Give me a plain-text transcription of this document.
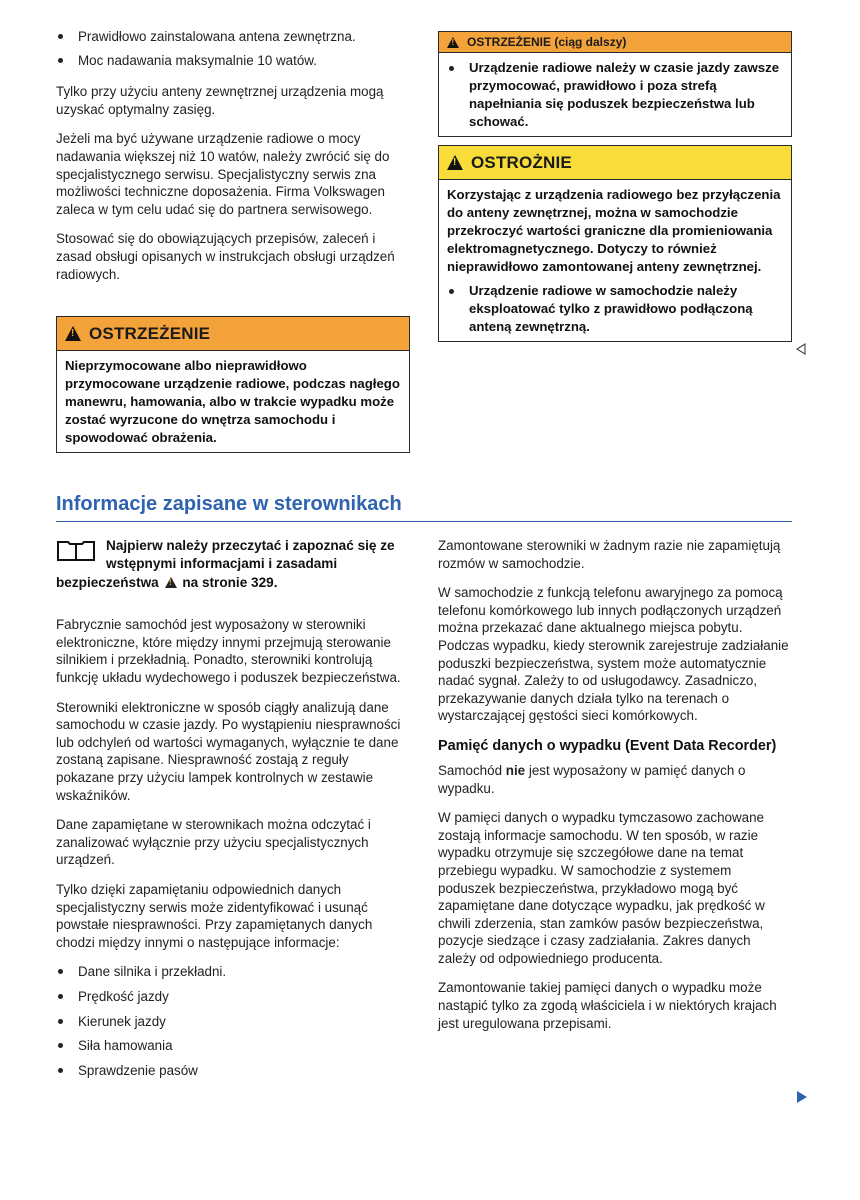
Prawidłowo zainstalowana antena zewnętrzna.
Moc nadawania maksymalnie 10 watów.

Tylko przy użyciu anteny zewnętrznej urządzenia mogą uzyskać optymalny zasięg.

Jeżeli ma być używane urządzenie radiowe o mocy nadawania większej niż 10 watów, należy zwrócić się do specjalistycznego serwisu. Specjalistyczny serwis zna możliwości techniczne doposażenia. Firma Volkswagen zaleca w tym celu udać się do partnera serwisowego.

Stosować się do obowiązujących przepisów, zaleceń i zasad obsługi opisanych w instrukcjach obsługi urządzeń radiowych.

!
OSTRZEŻENIE
Nieprzymocowane albo nieprawidłowo przymocowane urządzenie radiowe, podczas nagłego manewru, hamowania, albo w trakcie wypadku może zostać wyrzucone do wnętrza samochodu i spowodować obrażenia.
!
OSTRZEŻENIE (ciąg dalszy)
Urządzenie radiowe należy w czasie jazdy zawsze przymocować, prawidłowo i poza strefą napełniania się poduszek bezpieczeństwa lub schować.
!
OSTROŻNIE

Korzystając z urządzenia radiowego bez przyłączenia do anteny zewnętrznej, można w samochodzie przekroczyć wartości graniczne dla promieniowania elektromagnetycznego. Dotyczy to również nieprawidłowo zamontowanej anteny zewnętrznej.

Urządzenie radiowe w samochodzie należy eksploatować tylko z prawidłowo podłączoną anteną zewnętrzną.
Informacje zapisane w sterownikach
Najpierw należy przeczytać i zapoznać się ze wstępnymi informacjami i zasadami bezpieczeństwa ! na stronie 329.

Fabrycznie samochód jest wyposażony w sterowniki elektroniczne, które między innymi przejmują sterowanie silnikiem i przekładnią. Ponadto, sterowniki kontrolują funkcję układu wydechowego i poduszek bezpieczeństwa.

Sterowniki elektroniczne w sposób ciągły analizują dane samochodu w czasie jazdy. Po wystąpieniu niesprawności lub odchyleń od wartości wymaganych, wyłącznie te dane zostaną zapisane. Niesprawność zostają z reguły pokazane przy użyciu lampek kontrolnych w zestawie wskaźników.

Dane zapamiętane w sterownikach można odczytać i zanalizować wyłącznie przy użyciu specjalistycznych urządzeń.

Tylko dzięki zapamiętaniu odpowiednich danych specjalistyczny serwis może zidentyfikować i usunąć powstałe niesprawności. Przy zapamiętanych danych chodzi między innymi o następujące informacje:

Dane silnika i przekładni.
Prędkość jazdy
Kierunek jazdy
Siła hamowania
Sprawdzenie pasów

Zamontowane sterowniki w żadnym razie nie zapamiętują rozmów w samochodzie.

W samochodzie z funkcją telefonu awaryjnego za pomocą telefonu komórkowego lub innych podłączonych urządzeń można przekazać dane aktualnego miejsca pobytu. Podczas wypadku, kiedy sterownik zarejestruje zadziałanie poduszki bezpieczeństwa, system może automatycznie nadać sygnał. Zależy to od usługodawcy. Zasadniczo, przekazywanie danych działa tylko na terenach o wystarczającej gęstości sieci komórkowych.

Pamięć danych o wypadku (Event Data Recorder)

Samochód nie jest wyposażony w pamięć danych o wypadku.

W pamięci danych o wypadku tymczasowo zachowane zostają informacje samochodu. W ten sposób, w razie wypadku otrzymuje się szczegółowe dane na temat przebiegu wypadku. W samochodzie z systemem poduszek bezpieczeństwa, przykładowo mogą być zapamiętane dane dotyczące wypadku, jak prędkość w chwili zderzenia, stan zamków pasów bezpieczeństwa, pozycje siedzące i czasy zadziałania. Zakres danych zależy od odpowiedniego producenta.

Zamontowanie takiej pamięci danych o wypadku może nastąpić tylko za zgodą właściciela i w niektórych krajach jest uregulowana przepisami.
